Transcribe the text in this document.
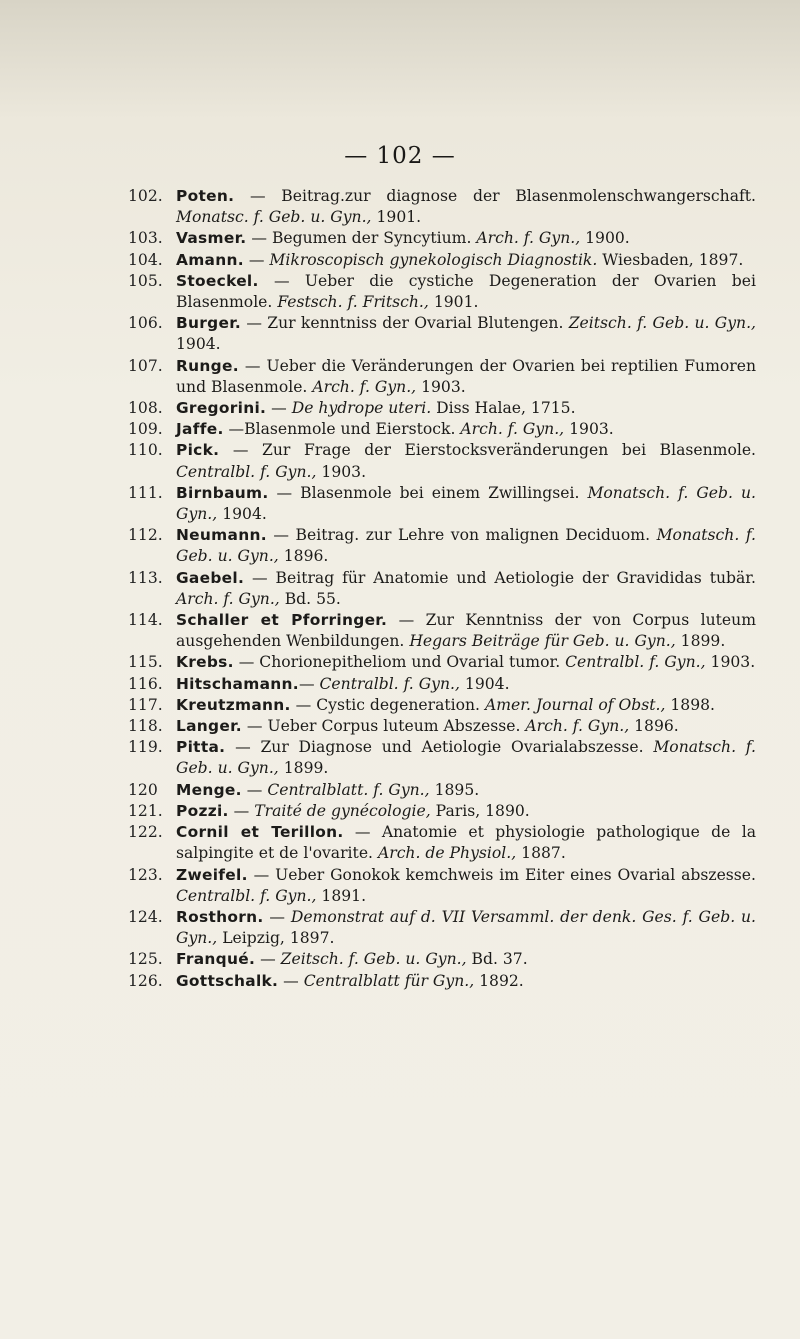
— 102 —
102. Poten. — Beitrag.zur diagnose der Blasenmolenschwangerschaft. Monatsc. f. Geb. u. Gyn., 1901.
103. Vasmer. — Begumen der Syncytium. Arch. f. Gyn., 1900.
104. Amann. — Mikroscopisch gynekologisch Diagnostik. Wiesbaden, 1897.
105. Stoeckel. — Ueber die cystiche Degeneration der Ovarien bei Blasenmole. Festsch. f. Fritsch., 1901.
106. Burger. — Zur kenntniss der Ovarial Blutengen. Zeitsch. f. Geb. u. Gyn., 1904.
107. Runge. — Ueber die Veränderungen der Ovarien bei reptilien Fumoren und Blasenmole. Arch. f. Gyn., 1903.
108. Gregorini. — De hydrope uteri. Diss Halae, 1715.
109. Jaffe. —Blasenmole und Eierstock. Arch. f. Gyn., 1903.
110. Pick. — Zur Frage der Eierstocksveränderungen bei Blasenmole. Centralbl. f. Gyn., 1903.
111. Birnbaum. — Blasenmole bei einem Zwillingsei. Monatsch. f. Geb. u. Gyn., 1904.
112. Neumann. — Beitrag. zur Lehre von malignen Deciduom. Monatsch. f. Geb. u. Gyn., 1896.
113. Gaebel. — Beitrag für Anatomie und Aetiologie der Gravididas tubär. Arch. f. Gyn., Bd. 55.
114. Schaller et Pforringer. — Zur Kenntniss der von Corpus luteum ausgehenden Wenbildungen. Hegars Beiträge für Geb. u. Gyn., 1899.
115. Krebs. — Chorionepitheliom und Ovarial tumor. Centralbl. f. Gyn., 1903.
116. Hitschamann.— Centralbl. f. Gyn., 1904.
117. Kreutzmann. — Cystic degeneration. Amer. Journal of Obst., 1898.
118. Langer. — Ueber Corpus luteum Abszesse. Arch. f. Gyn., 1896.
119. Pitta. — Zur Diagnose und Aetiologie Ovarialabszesse. Monatsch. f. Geb. u. Gyn., 1899.
120	Menge. — Centralblatt. f. Gyn., 1895.
121. Pozzi. — Traité de gynécologie, Paris, 1890.
122. Cornil et Terillon. — Anatomie et physiologie pathologique de la salpingite et de l'ovarite. Arch. de Physiol., 1887.
123. Zweifel. — Ueber Gonokok kemchweis im Eiter eines Ovarial abszesse. Centralbl. f. Gyn., 1891.
124. Rosthorn. — Demonstrat auf d. VII Versamml. der denk. Ges. f. Geb. u. Gyn., Leipzig, 1897.
125. Franqué. — Zeitsch. f. Geb. u. Gyn., Bd. 37.
126. Gottschalk. — Centralblatt für Gyn., 1892.
